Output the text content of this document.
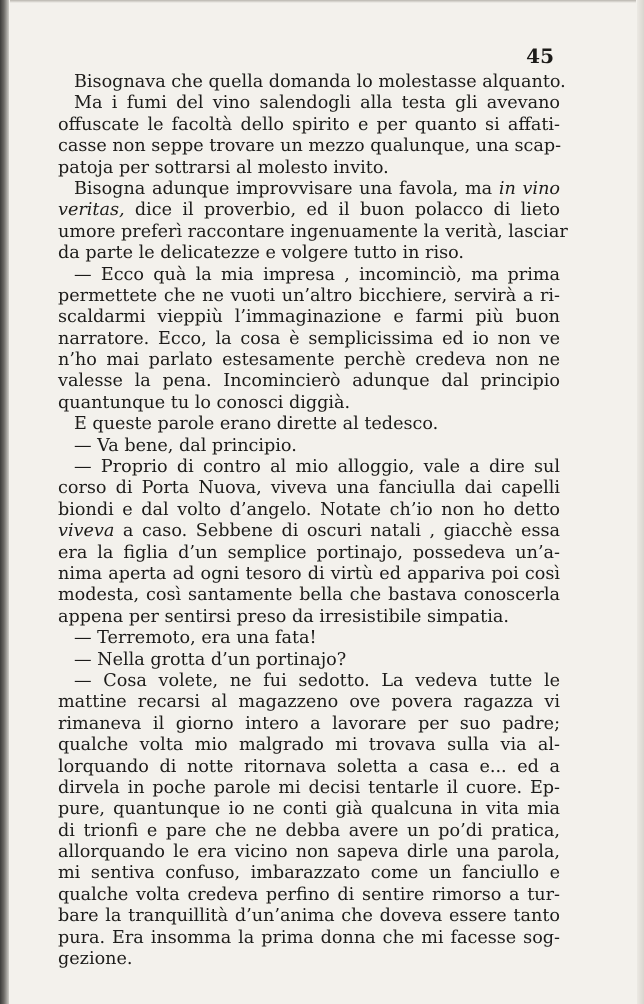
45
Bisognava che quella domanda lo molestasse alquanto.
Ma i fumi del vino salendogli alla testa gli avevano
offuscate le facoltà dello spirito e per quanto si affati-
casse non seppe trovare un mezzo qualunque, una scap-
patoja per sottrarsi al molesto invito.
Bisogna adunque improvvisare una favola, ma in vino
veritas, dice il proverbio, ed il buon polacco di lieto
umore preferì raccontare ingenuamente la verità, lasciar
da parte le delicatezze e volgere tutto in riso.
— Ecco quà la mia impresa , incominciò, ma prima
permettete che ne vuoti un’altro bicchiere, servirà a ri-
scaldarmi vieppiù l’immaginazione e farmi più buon
narratore. Ecco, la cosa è semplicissima ed io non ve
n’ho mai parlato estesamente perchè credeva non ne
valesse la pena. Incomincierò adunque dal principio
quantunque tu lo conosci diggià.
E queste parole erano dirette al tedesco.
— Va bene, dal principio.
— Proprio di contro al mio alloggio, vale a dire sul
corso di Porta Nuova, viveva una fanciulla dai capelli
biondi e dal volto d’angelo. Notate ch’io non ho detto
viveva a caso. Sebbene di oscuri natali , giacchè essa
era la figlia d’un semplice portinajo, possedeva un’a-
nima aperta ad ogni tesoro di virtù ed appariva poi così
modesta, così santamente bella che bastava conoscerla
appena per sentirsi preso da irresistibile simpatia.
— Terremoto, era una fata!
— Nella grotta d’un portinajo?
— Cosa volete, ne fui sedotto. La vedeva tutte le
mattine recarsi al magazzeno ove povera ragazza vi
rimaneva il giorno intero a lavorare per suo padre;
qualche volta mio malgrado mi trovava sulla via al-
lorquando di notte ritornava soletta a casa e... ed a
dirvela in poche parole mi decisi tentarle il cuore. Ep-
pure, quantunque io ne conti già qualcuna in vita mia
di trionfi e pare che ne debba avere un po’di pratica,
allorquando le era vicino non sapeva dirle una parola,
mi sentiva confuso, imbarazzato come un fanciullo e
qualche volta credeva perfino di sentire rimorso a tur-
bare la tranquillità d’un’anima che doveva essere tanto
pura. Era insomma la prima donna che mi facesse sog-
gezione.
